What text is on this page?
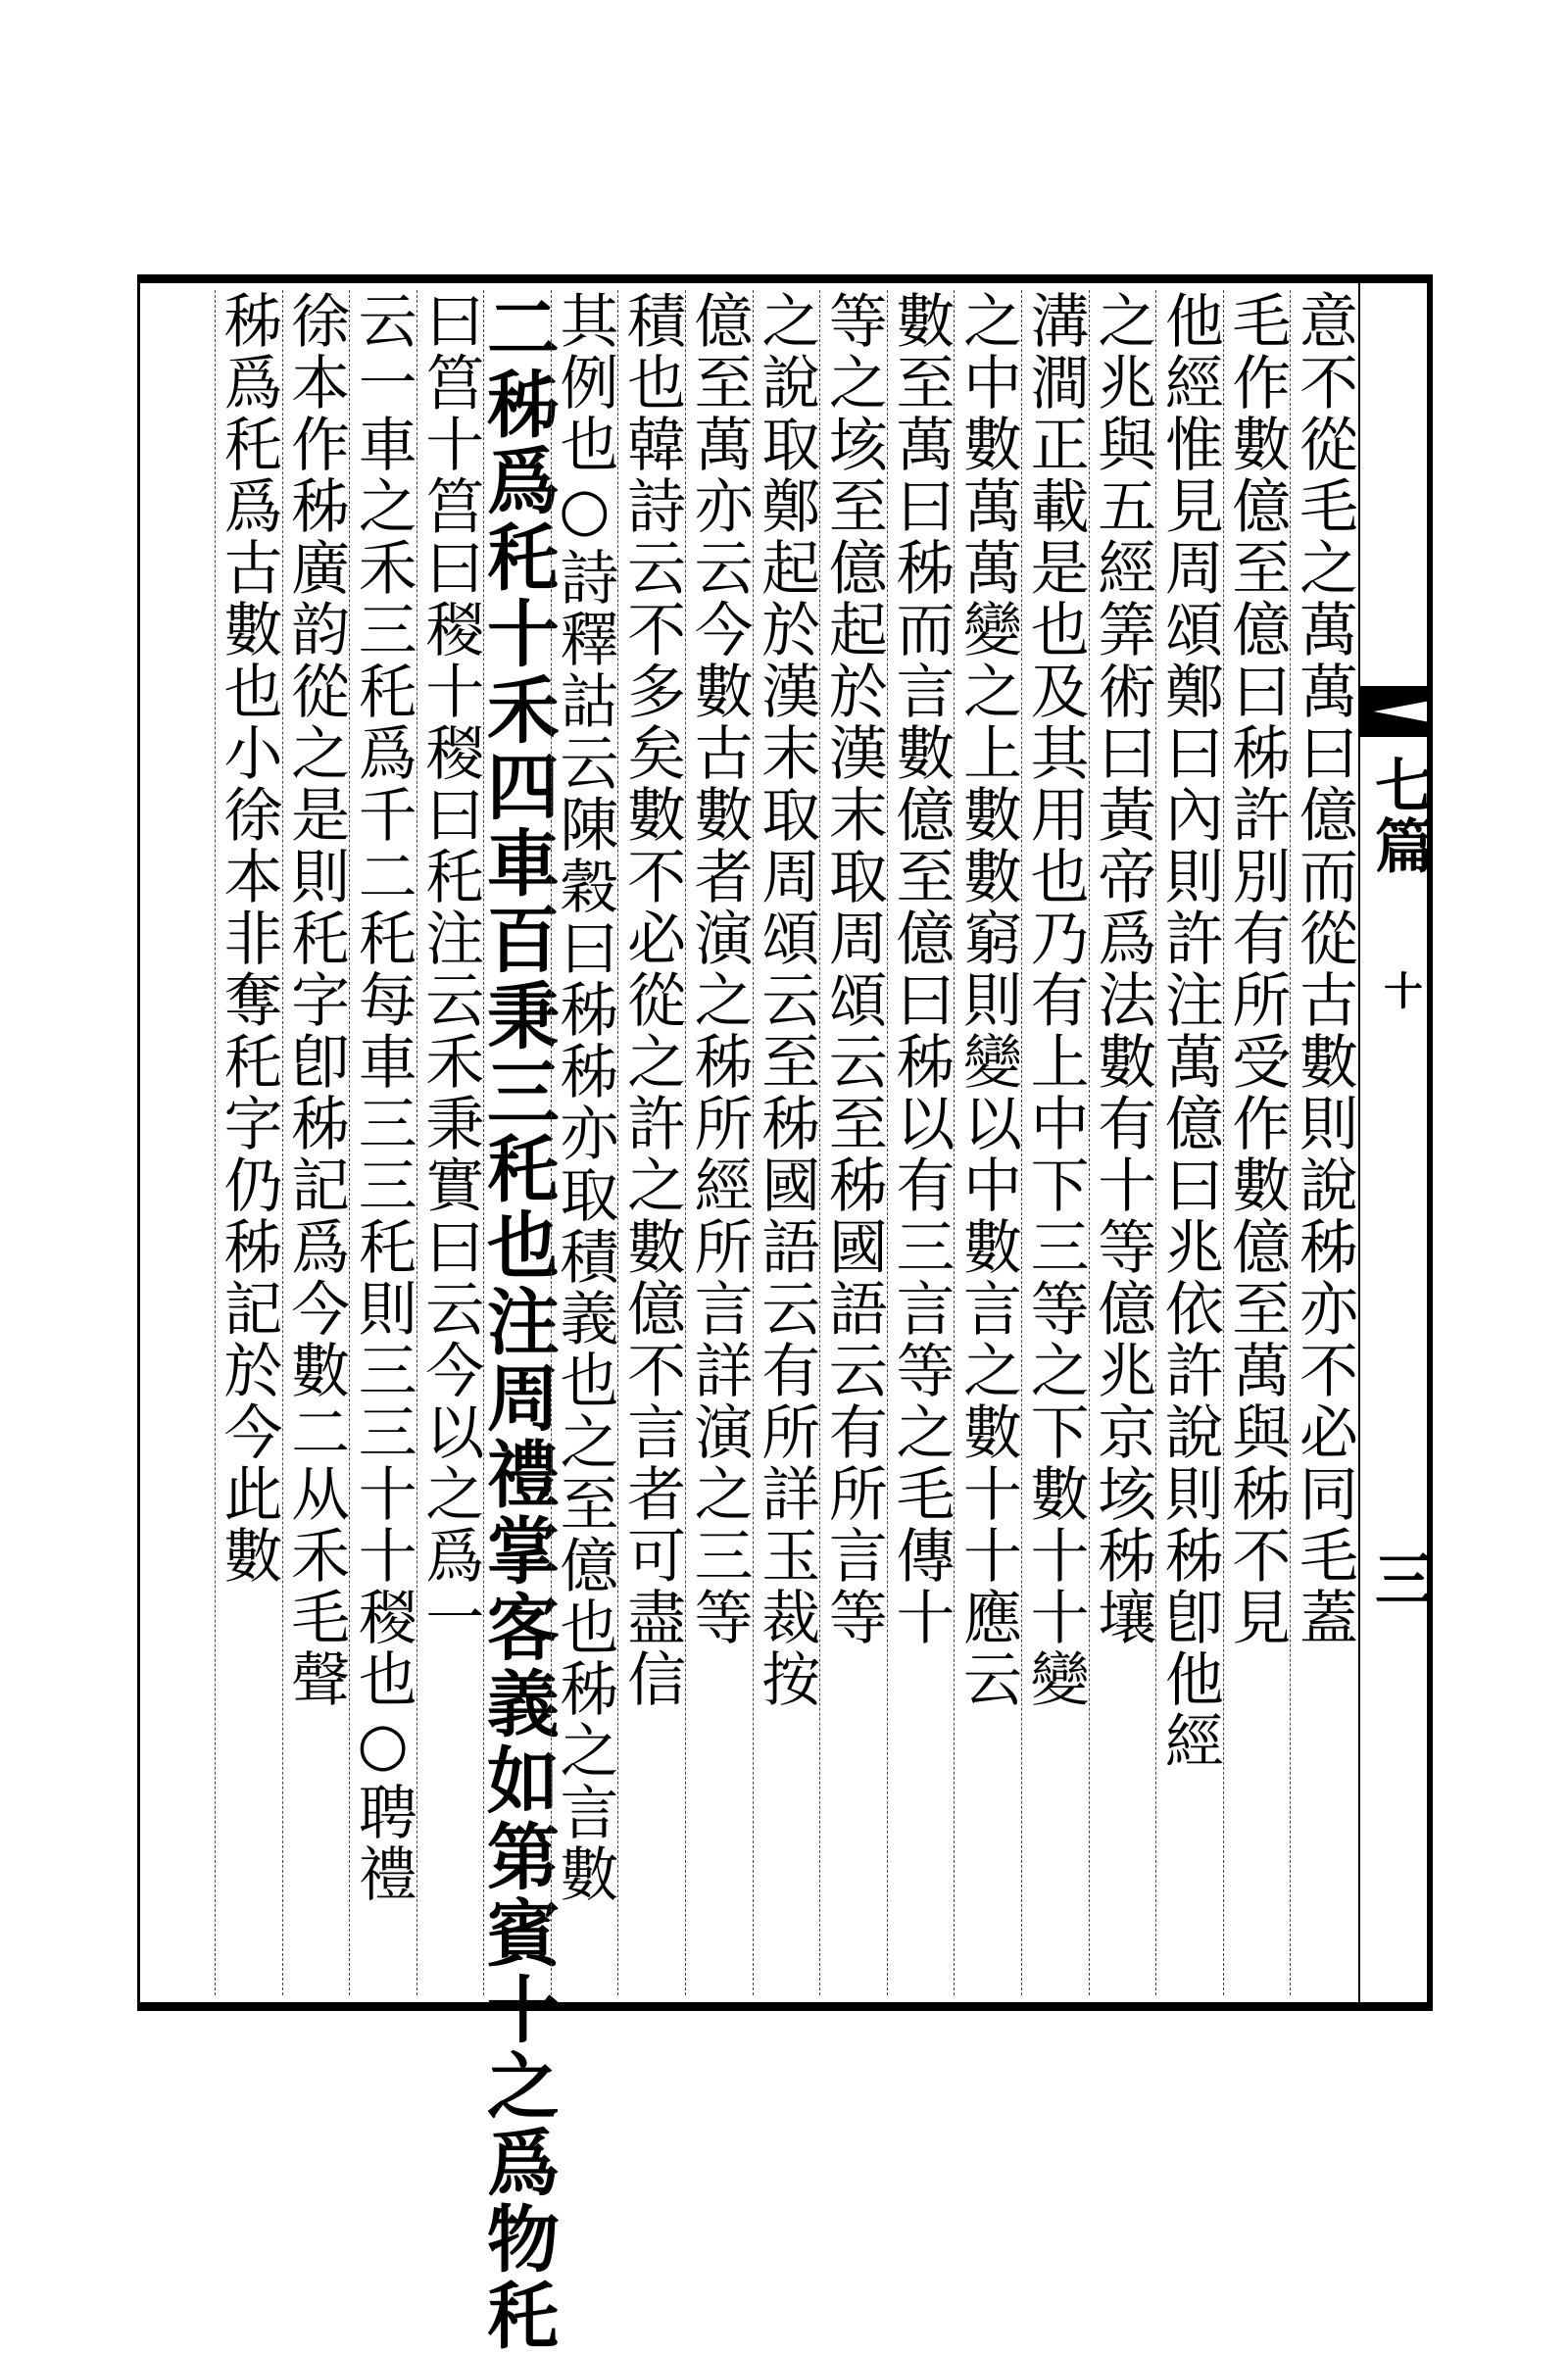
意不從毛之萬萬曰億而從古數則說秭亦不必同毛蓋
毛作數億至億曰秭許別有所受作數億至萬與秭不見
他經惟見周頌鄭曰內則許注萬億曰兆依許說則秭卽他經
之兆與五經筭術曰黃帝爲法數有十等億兆京垓秭壤
溝澗正載是也及其用也乃有上中下三等之下數十十變
之中數萬萬變之上數數窮則變以中數言之數十十應云
數至萬曰秭而言數億至億曰秭以有三言等之毛傳十
等之垓至億起於漢末取周頌云至秭國語云有所言等
之說取鄭起於漢末取周頌云至秭國語云有所詳玉裁按
億至萬亦云今數古數者演之秭所經所言詳演之三等
積也韓詩云不多矣數不必從之許之數億不言者可盡信
其例也○詩釋詁云陳穀曰秭秭亦取積義也之至億也秭之言數
二秭爲秅十禾四車百秉三秅也注周禮掌客義如第賓十之爲物秅
曰筥十筥曰稯十稯曰秅注云禾秉實曰云今以之爲一
云一車之禾三秅爲千二秅每車三三秅則三三十十稯也○聘禮
徐本作秭廣韵從之是則秅字卽秭記爲今數二从禾毛聲
秭爲秅爲古數也小徐本非奪秅字仍秭記於今此數	七篇
十
三
